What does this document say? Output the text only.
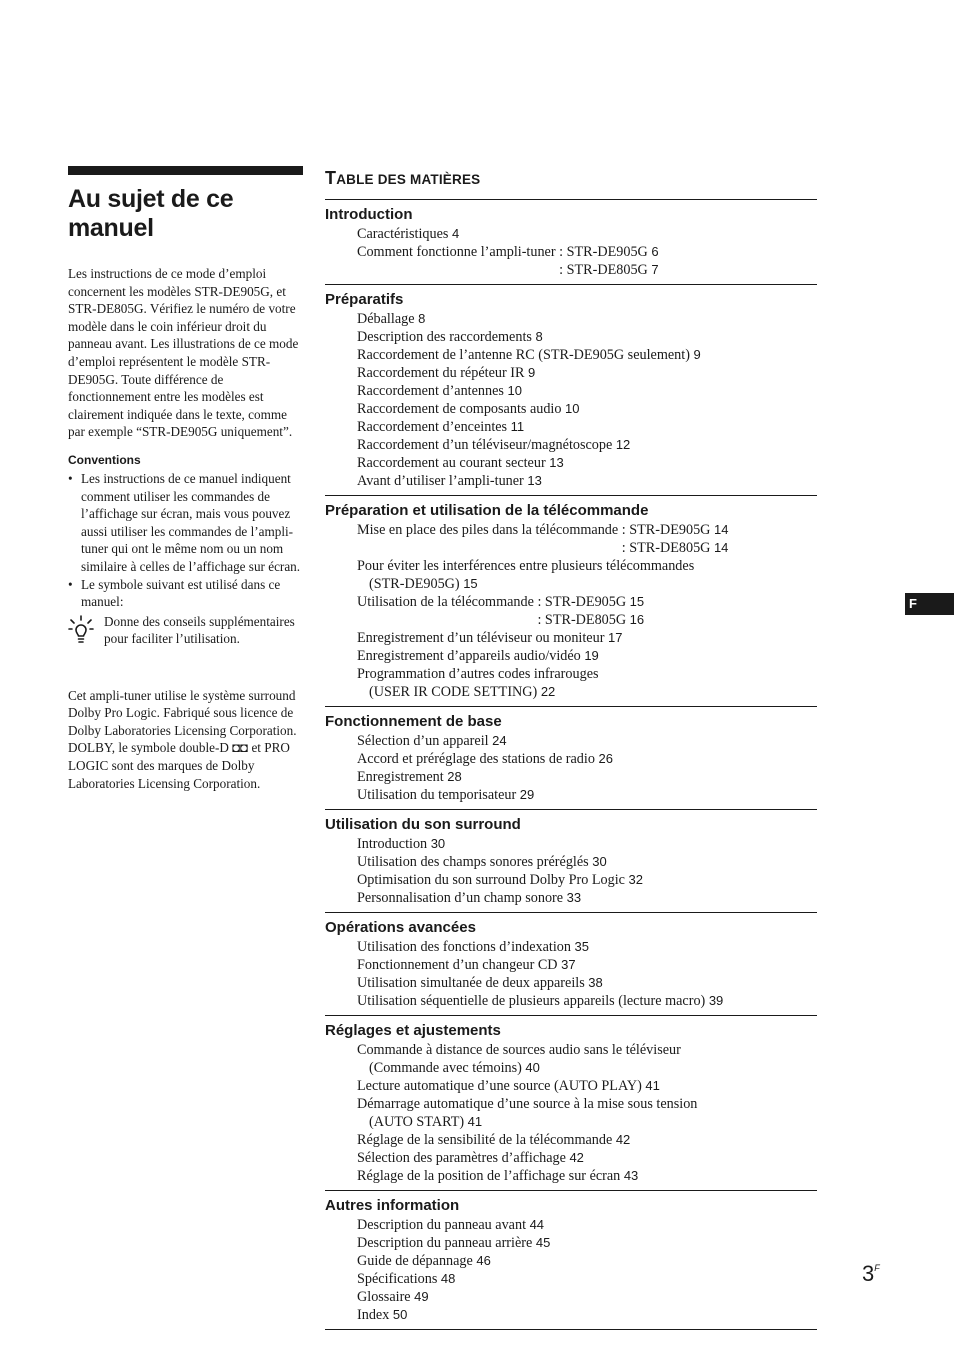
Au sujet de ce manuel

Les instructions de ce mode d’emploi concernent les modèles STR-DE905G, et STR-DE805G. Vérifiez le numéro de votre modèle dans le coin inférieur droit du panneau avant. Les illustrations de ce mode d’emploi représentent le modèle STR-DE905G. Toute différence de fonctionnement entre les modèles est clairement indiquée dans le texte, comme par exemple “STR-DE905G uniquement”.

Conventions
• Les instructions de ce manuel indiquent comment utiliser les commandes de l’affichage sur écran, mais vous pouvez aussi utiliser les commandes de l’ampli-tuner qui ont le même nom ou un nom similaire à celles de l’affichage sur écran.
• Le symbole suivant est utilisé dans ce manuel:
Donne des conseils supplémentaires pour faciliter l’utilisation.

Cet ampli-tuner utilise le système surround Dolby Pro Logic. Fabriqué sous licence de Dolby Laboratories Licensing Corporation. DOLBY, le symbole double-D ◘◘ et PRO LOGIC sont des marques de Dolby Laboratories Licensing Corporation.

TABLE DES MATIÈRES
Introduction
Caractéristiques 4
Comment fonctionne l’ampli-tuner : STR-DE905G 6
: STR-DE805G 7
Préparatifs
Déballage 8
Description des raccordements 8
Raccordement de l’antenne RC (STR-DE905G seulement) 9
Raccordement du répéteur IR 9
Raccordement d’antennes 10
Raccordement de composants audio 10
Raccordement d’enceintes 11
Raccordement d’un téléviseur/magnétoscope 12
Raccordement au courant secteur 13
Avant d’utiliser l’ampli-tuner 13
Préparation et utilisation de la télécommande
Mise en place des piles dans la télécommande : STR-DE905G 14
: STR-DE805G 14
Pour éviter les interférences entre plusieurs télécommandes
(STR-DE905G) 15
Utilisation de la télécommande : STR-DE905G 15
: STR-DE805G 16
Enregistrement d’un téléviseur ou moniteur 17
Enregistrement d’appareils audio/vidéo 19
Programmation d’autres codes infrarouges
(USER IR CODE SETTING) 22
Fonctionnement de base
Sélection d’un appareil 24
Accord et préréglage des stations de radio 26
Enregistrement 28
Utilisation du temporisateur 29
Utilisation du son surround
Introduction 30
Utilisation des champs sonores préréglés 30
Optimisation du son surround Dolby Pro Logic 32
Personnalisation d’un champ sonore 33
Opérations avancées
Utilisation des fonctions d’indexation 35
Fonctionnement d’un changeur CD 37
Utilisation simultanée de deux appareils 38
Utilisation séquentielle de plusieurs appareils (lecture macro) 39
Réglages et ajustements
Commande à distance de sources audio sans le téléviseur
(Commande avec témoins) 40
Lecture automatique d’une source (AUTO PLAY) 41
Démarrage automatique d’une source à la mise sous tension
(AUTO START) 41
Réglage de la sensibilité de la télécommande 42
Sélection des paramètres d’affichage 42
Réglage de la position de l’affichage sur écran 43
Autres information
Description du panneau avant 44
Description du panneau arrière 45
Guide de dépannage 46
Spécifications 48
Glossaire 49
Index 50
F
$3^F$
